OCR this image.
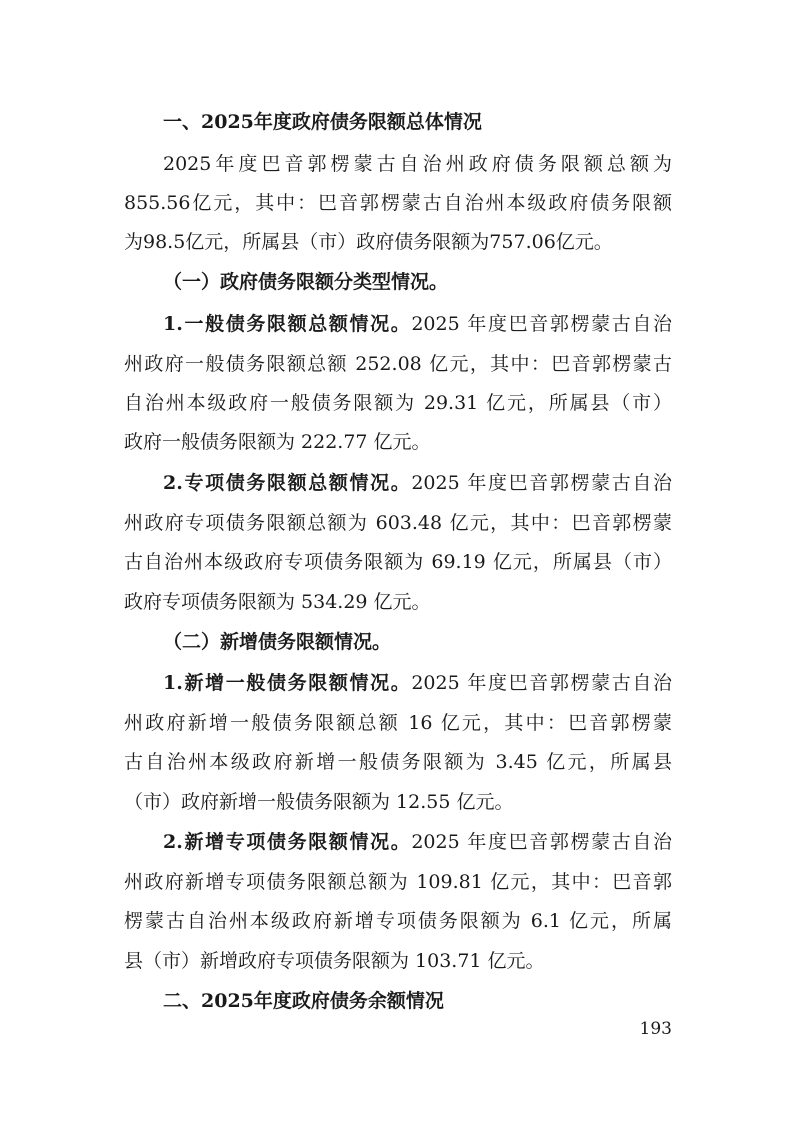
一、2025年度政府债务限额总体情况
2025年度巴音郭楞蒙古自治州政府债务限额总额为
855.56亿元，其中：巴音郭楞蒙古自治州本级政府债务限额
为98.5亿元，所属县（市）政府债务限额为757.06亿元。
（一）政府债务限额分类型情况。
1.一般债务限额总额情况。2025 年度巴音郭楞蒙古自治
州政府一般债务限额总额 252.08 亿元，其中：巴音郭楞蒙古
自治州本级政府一般债务限额为 29.31 亿元，所属县（市）
政府一般债务限额为 222.77 亿元。
2.专项债务限额总额情况。2025 年度巴音郭楞蒙古自治
州政府专项债务限额总额为 603.48 亿元，其中：巴音郭楞蒙
古自治州本级政府专项债务限额为 69.19 亿元，所属县（市）
政府专项债务限额为 534.29 亿元。
（二）新增债务限额情况。
1.新增一般债务限额情况。2025 年度巴音郭楞蒙古自治
州政府新增一般债务限额总额 16 亿元，其中：巴音郭楞蒙
古自治州本级政府新增一般债务限额为 3.45 亿元，所属县
（市）政府新增一般债务限额为 12.55 亿元。
2.新增专项债务限额情况。2025 年度巴音郭楞蒙古自治
州政府新增专项债务限额总额为 109.81 亿元，其中：巴音郭
楞蒙古自治州本级政府新增专项债务限额为 6.1 亿元，所属
县（市）新增政府专项债务限额为 103.71 亿元。
二、2025年度政府债务余额情况
193
